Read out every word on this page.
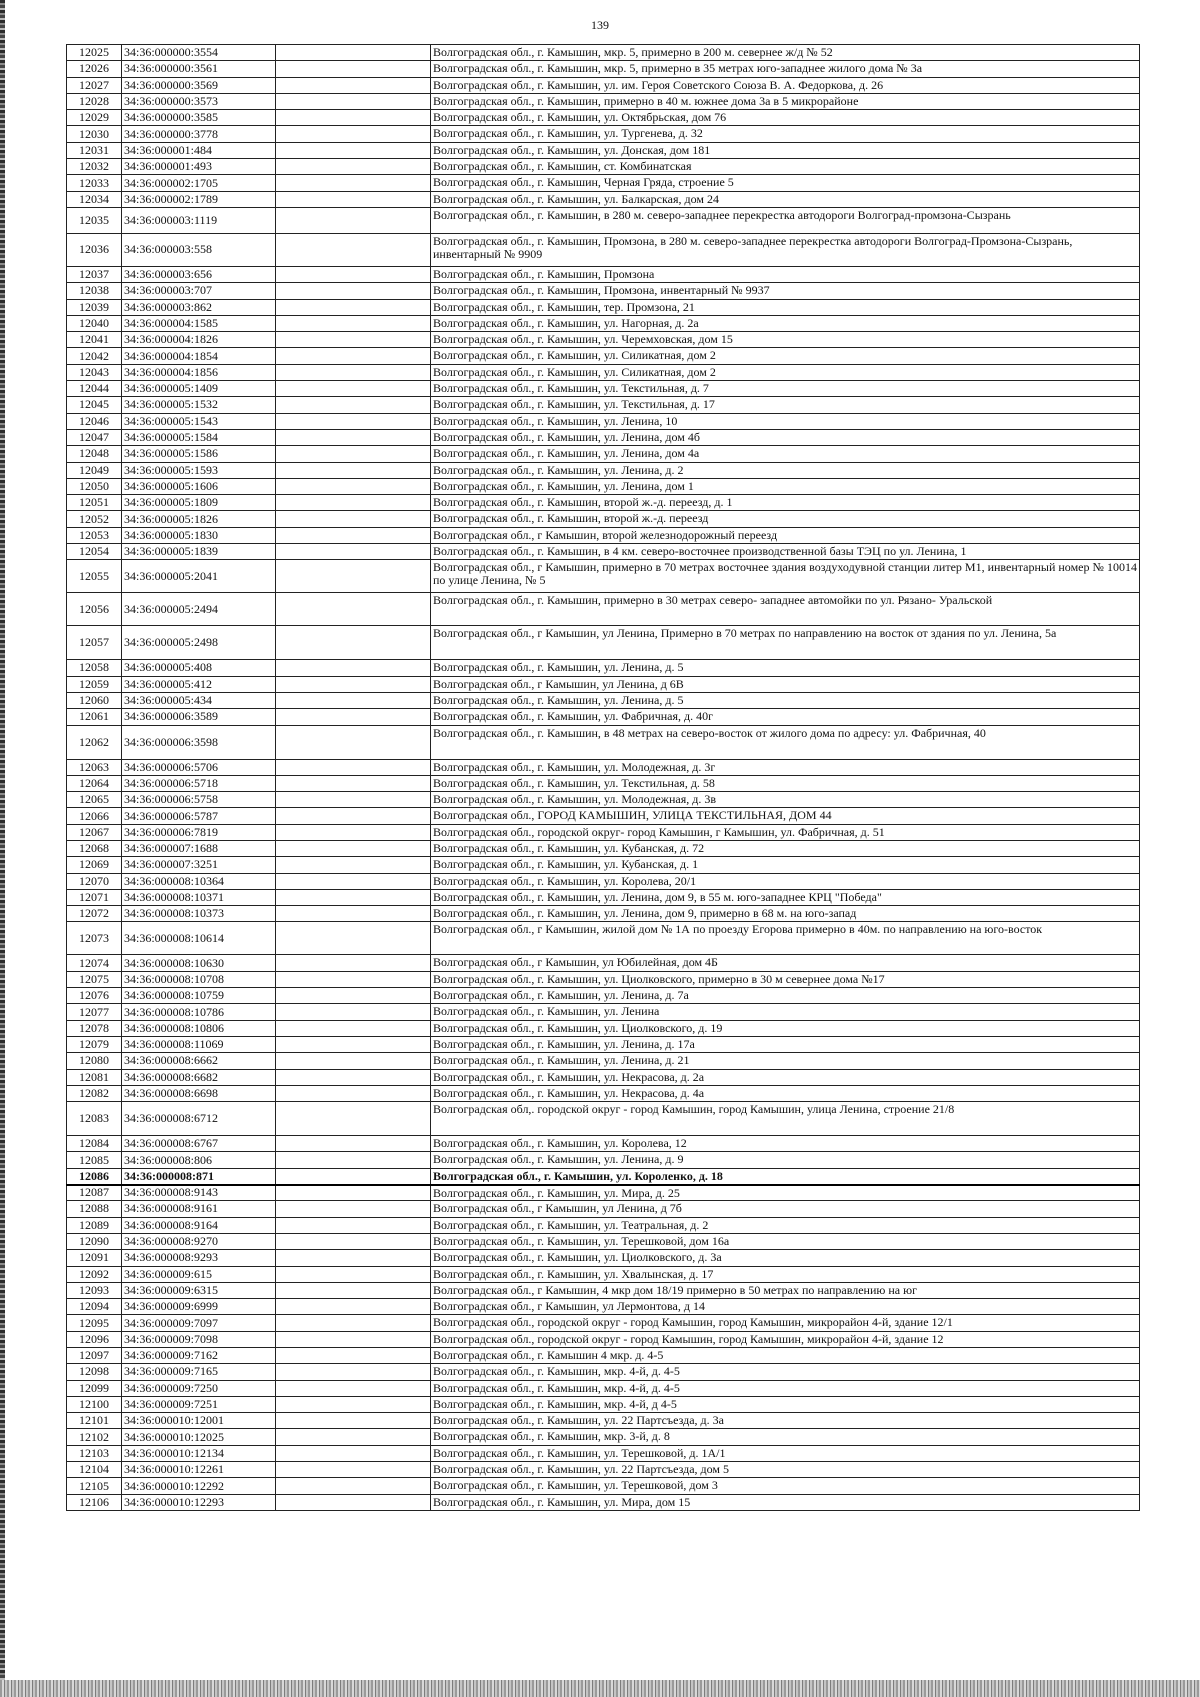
139
12025	34:36:000000:3554		Волгоградская обл., г. Камышин, мкр. 5, примерно в 200 м. севернее ж/д № 52
12026	34:36:000000:3561		Волгоградская обл., г. Камышин, мкр. 5, примерно в 35 метрах юго-западнее жилого дома № 3а
12027	34:36:000000:3569		Волгоградская обл., г. Камышин, ул. им. Героя Советского Союза В. А. Федоркова, д. 26
12028	34:36:000000:3573		Волгоградская обл., г. Камышин, примерно в 40 м. южнее дома 3а в 5 микрорайоне
12029	34:36:000000:3585		Волгоградская обл., г. Камышин, ул. Октябрьская, дом 76
12030	34:36:000000:3778		Волгоградская обл., г. Камышин, ул. Тургенева, д. 32
12031	34:36:000001:484		Волгоградская обл., г. Камышин, ул. Донская, дом 181
12032	34:36:000001:493		Волгоградская обл., г. Камышин, ст. Комбинатская
12033	34:36:000002:1705		Волгоградская обл., г. Камышин, Черная Гряда, строение 5
12034	34:36:000002:1789		Волгоградская обл., г. Камышин, ул. Балкарская, дом 24
12035	34:36:000003:1119		Волгоградская обл., г. Камышин, в 280 м. северо-западнее перекрестка автодороги Волгоград-промзона-Сызрань
12036	34:36:000003:558		Волгоградская обл., г. Камышин, Промзона, в 280 м. северо-западнее перекрестка автодороги Волгоград-Промзона-Сызрань, инвентарный № 9909
12037	34:36:000003:656		Волгоградская обл., г. Камышин, Промзона
12038	34:36:000003:707		Волгоградская обл., г. Камышин, Промзона, инвентарный № 9937
12039	34:36:000003:862		Волгоградская обл., г. Камышин, тер. Промзона, 21
12040	34:36:000004:1585		Волгоградская обл., г. Камышин, ул. Нагорная, д. 2а
12041	34:36:000004:1826		Волгоградская обл., г. Камышин, ул. Черемховская, дом 15
12042	34:36:000004:1854		Волгоградская обл., г. Камышин, ул. Силикатная, дом 2
12043	34:36:000004:1856		Волгоградская обл., г. Камышин, ул. Силикатная, дом 2
12044	34:36:000005:1409		Волгоградская обл., г. Камышин, ул. Текстильная, д. 7
12045	34:36:000005:1532		Волгоградская обл., г. Камышин, ул. Текстильная, д. 17
12046	34:36:000005:1543		Волгоградская обл., г. Камышин, ул. Ленина, 10
12047	34:36:000005:1584		Волгоградская обл., г. Камышин, ул. Ленина, дом 4б
12048	34:36:000005:1586		Волгоградская обл., г. Камышин, ул. Ленина, дом 4а
12049	34:36:000005:1593		Волгоградская обл., г. Камышин, ул. Ленина, д. 2
12050	34:36:000005:1606		Волгоградская обл., г. Камышин, ул. Ленина, дом 1
12051	34:36:000005:1809		Волгоградская обл., г. Камышин, второй ж.-д. переезд, д. 1
12052	34:36:000005:1826		Волгоградская обл., г. Камышин, второй ж.-д. переезд
12053	34:36:000005:1830		Волгоградская обл., г Камышин, второй железнодорожный переезд
12054	34:36:000005:1839		Волгоградская обл., г. Камышин, в 4 км. северо-восточнее производственной базы ТЭЦ по ул. Ленина, 1
12055	34:36:000005:2041		Волгоградская обл., г Камышин, примерно в 70 метрах восточнее здания воздуходувной станции литер М1, инвентарный номер № 10014 по улице Ленина, № 5
12056	34:36:000005:2494		Волгоградская обл., г. Камышин, примерно в 30 метрах северо- западнее автомойки по ул. Рязано- Уральской
12057	34:36:000005:2498		Волгоградская обл., г Камышин, ул Ленина, Примерно в 70 метрах по направлению на восток от здания по ул. Ленина, 5а
12058	34:36:000005:408		Волгоградская обл., г. Камышин, ул. Ленина, д. 5
12059	34:36:000005:412		Волгоградская обл., г Камышин, ул Ленина, д 6В
12060	34:36:000005:434		Волгоградская обл., г. Камышин, ул. Ленина, д. 5
12061	34:36:000006:3589		Волгоградская обл., г. Камышин, ул. Фабричная, д. 40г
12062	34:36:000006:3598		Волгоградская обл., г. Камышин, в 48 метрах на северо-восток от жилого дома по адресу: ул. Фабричная, 40
12063	34:36:000006:5706		Волгоградская обл., г. Камышин, ул. Молодежная, д. 3г
12064	34:36:000006:5718		Волгоградская обл., г. Камышин, ул. Текстильная, д. 58
12065	34:36:000006:5758		Волгоградская обл., г. Камышин, ул. Молодежная, д. 3в
12066	34:36:000006:5787		Волгоградская обл., ГОРОД КАМЫШИН, УЛИЦА ТЕКСТИЛЬНАЯ, ДОМ 44
12067	34:36:000006:7819		Волгоградская обл., городской округ- город Камышин, г Камышин, ул. Фабричная, д. 51
12068	34:36:000007:1688		Волгоградская обл., г. Камышин, ул. Кубанская, д. 72
12069	34:36:000007:3251		Волгоградская обл., г. Камышин, ул. Кубанская, д. 1
12070	34:36:000008:10364		Волгоградская обл., г. Камышин, ул. Королева, 20/1
12071	34:36:000008:10371		Волгоградская обл., г. Камышин, ул. Ленина, дом 9, в 55 м. юго-западнее КРЦ "Победа"
12072	34:36:000008:10373		Волгоградская обл., г. Камышин, ул. Ленина, дом 9, примерно в 68 м. на юго-запад
12073	34:36:000008:10614		Волгоградская обл., г Камышин, жилой дом № 1А по проезду Егорова примерно в 40м. по направлению на юго-восток
12074	34:36:000008:10630		Волгоградская обл., г Камышин, ул Юбилейная, дом 4Б
12075	34:36:000008:10708		Волгоградская обл., г. Камышин, ул. Циолковского, примерно в 30 м севернее дома №17
12076	34:36:000008:10759		Волгоградская обл., г. Камышин, ул. Ленина, д. 7а
12077	34:36:000008:10786		Волгоградская обл., г. Камышин, ул. Ленина
12078	34:36:000008:10806		Волгоградская обл., г. Камышин, ул. Циолковского, д. 19
12079	34:36:000008:11069		Волгоградская обл., г. Камышин, ул. Ленина, д. 17а
12080	34:36:000008:6662		Волгоградская обл., г. Камышин, ул. Ленина, д. 21
12081	34:36:000008:6682		Волгоградская обл., г. Камышин, ул. Некрасова, д. 2а
12082	34:36:000008:6698		Волгоградская обл., г. Камышин, ул. Некрасова, д. 4а
12083	34:36:000008:6712		Волгоградская обл,. городской округ - город Камышин, город Камышин, улица Ленина, строение 21/8
12084	34:36:000008:6767		Волгоградская обл., г. Камышин, ул. Королева, 12
12085	34:36:000008:806		Волгоградская обл., г. Камышин, ул. Ленина, д. 9
12086	34:36:000008:871		Волгоградская обл., г. Камышин, ул. Короленко, д. 18
12087	34:36:000008:9143		Волгоградская обл., г. Камышин, ул. Мира, д. 25
12088	34:36:000008:9161		Волгоградская обл., г Камышин, ул Ленина, д 7б
12089	34:36:000008:9164		Волгоградская обл., г. Камышин, ул. Театральная, д. 2
12090	34:36:000008:9270		Волгоградская обл., г. Камышин, ул. Терешковой, дом 16а
12091	34:36:000008:9293		Волгоградская обл., г. Камышин, ул. Циолковского, д. 3а
12092	34:36:000009:615		Волгоградская обл., г. Камышин, ул. Хвалынская, д. 17
12093	34:36:000009:6315		Волгоградская обл., г Камышин, 4 мкр дом 18/19 примерно в 50 метрах по направлению на юг
12094	34:36:000009:6999		Волгоградская обл., г Камышин, ул Лермонтова, д 14
12095	34:36:000009:7097		Волгоградская обл., городской округ - город Камышин, город Камышин, микрорайон 4-й, здание 12/1
12096	34:36:000009:7098		Волгоградская обл., городской округ - город Камышин, город Камышин, микрорайон 4-й, здание 12
12097	34:36:000009:7162		Волгоградская обл., г. Камышин 4 мкр. д. 4-5
12098	34:36:000009:7165		Волгоградская обл., г. Камышин, мкр. 4-й, д. 4-5
12099	34:36:000009:7250		Волгоградская обл., г. Камышин, мкр. 4-й, д. 4-5
12100	34:36:000009:7251		Волгоградская обл., г. Камышин, мкр. 4-й, д 4-5
12101	34:36:000010:12001		Волгоградская обл., г. Камышин, ул. 22 Партсъезда, д. 3а
12102	34:36:000010:12025		Волгоградская обл., г. Камышин, мкр. 3-й, д. 8
12103	34:36:000010:12134		Волгоградская обл., г. Камышин, ул. Терешковой, д. 1А/1
12104	34:36:000010:12261		Волгоградская обл., г. Камышин, ул. 22 Партсъезда, дом 5
12105	34:36:000010:12292		Волгоградская обл., г. Камышин, ул. Терешковой, дом 3
12106	34:36:000010:12293		Волгоградская обл., г. Камышин, ул. Мира, дом 15
